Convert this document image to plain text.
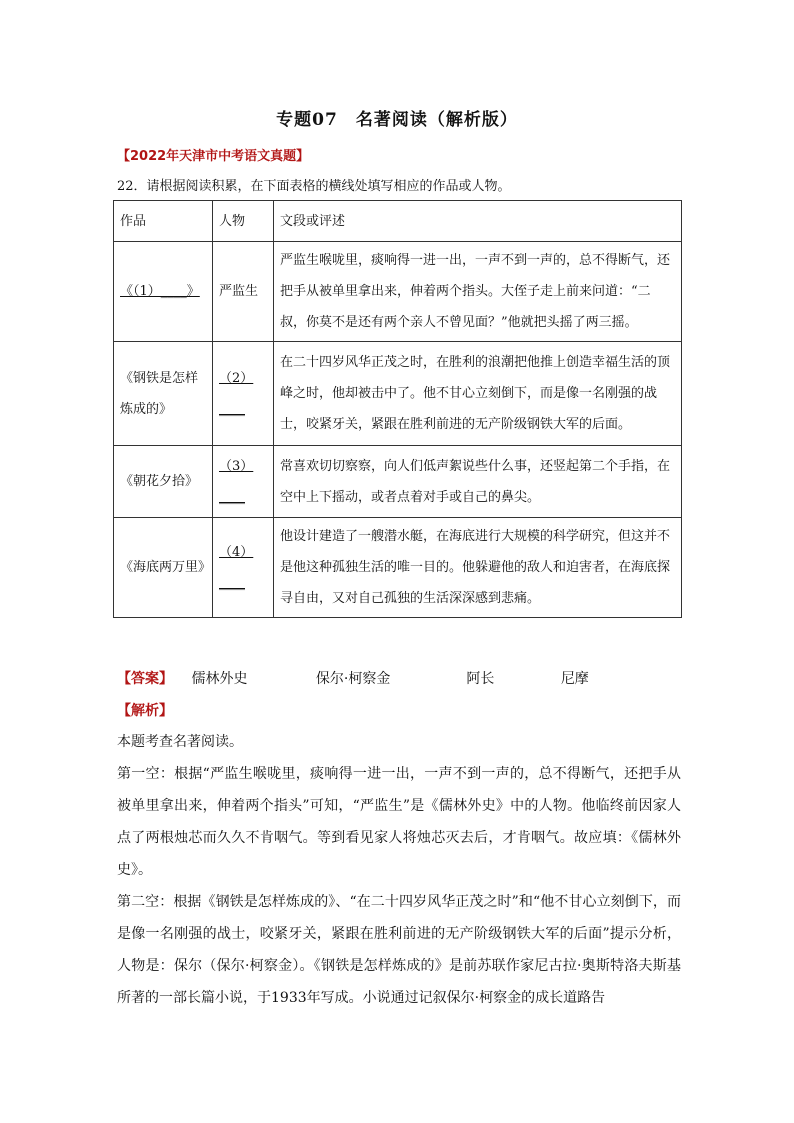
专题07　名著阅读（解析版）
【2022年天津市中考语文真题】
22．请根据阅读积累，在下面表格的横线处填写相应的作品或人物。
作品	人物	文段或评述
《（1）____》	严监生	严监生喉咙里，痰响得一进一出，一声不到一声的，总不得断气，还把手从被单里拿出来，伸着两个指头。大侄子走上前来问道：“二叔，你莫不是还有两个亲人不曾见面？”他就把头摇了两三摇。
《钢铁是怎样炼成的》	（2）____	在二十四岁风华正茂之时，在胜利的浪潮把他推上创造幸福生活的顶峰之时，他却被击中了。他不甘心立刻倒下，而是像一名刚强的战士，咬紧牙关，紧跟在胜利前进的无产阶级钢铁大军的后面。
《朝花夕拾》	（3）____	常喜欢切切察察，向人们低声絮说些什么事，还竖起第二个手指，在空中上下摇动，或者点着对手或自己的鼻尖。
《海底两万里》	（4）____	他设计建造了一艘潜水艇，在海底进行大规模的科学研究，但这并不是他这种孤独生活的唯一目的。他躲避他的敌人和迫害者，在海底探寻自由，又对自己孤独的生活深深感到悲痛。
【答案】 儒林外史	保尔·柯察金	阿长	尼摩
【解析】
本题考查名著阅读。
第一空：根据“严监生喉咙里，痰响得一进一出，一声不到一声的，总不得断气，还把手从被单里拿出来，伸着两个指头”可知，“严监生”是《儒林外史》中的人物。他临终前因家人点了两根烛芯而久久不肯咽气。等到看见家人将烛芯灭去后，才肯咽气。故应填：《儒林外史》。
第二空：根据《钢铁是怎样炼成的》、“在二十四岁风华正茂之时”和“他不甘心立刻倒下，而是像一名刚强的战士，咬紧牙关，紧跟在胜利前进的无产阶级钢铁大军的后面”提示分析，人物是：保尔（保尔·柯察金）。《钢铁是怎样炼成的》是前苏联作家尼古拉·奥斯特洛夫斯基所著的一部长篇小说，于1933年写成。小说通过记叙保尔·柯察金的成长道路告
